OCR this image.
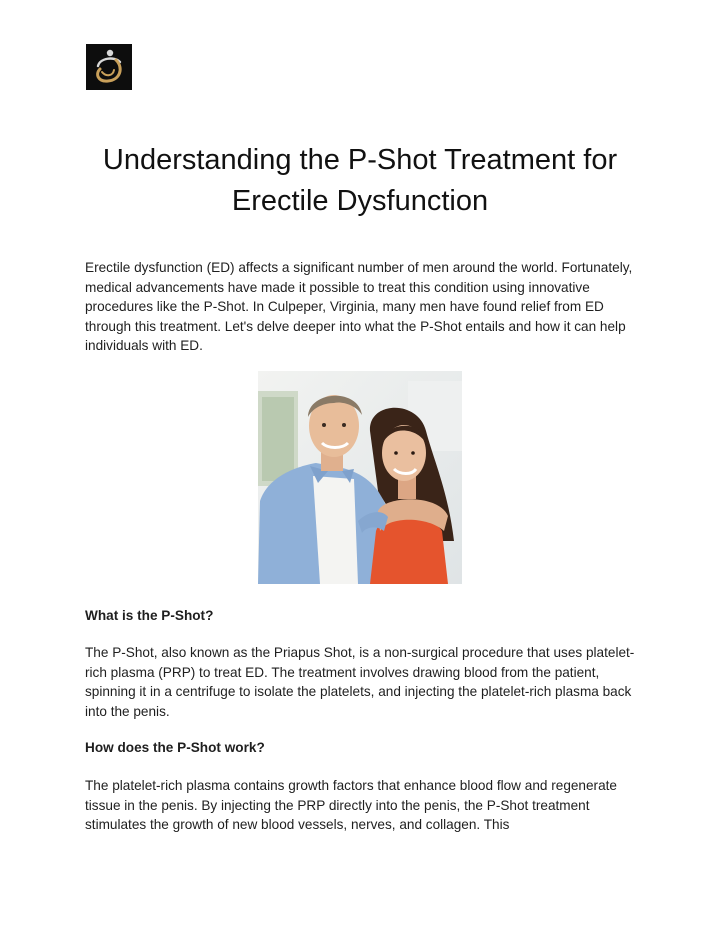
Understanding the P-Shot Treatment for Erectile Dysfunction

Erectile dysfunction (ED) affects a significant number of men around the world. Fortunately, medical advancements have made it possible to treat this condition using innovative procedures like the P-Shot. In Culpeper, Virginia, many men have found relief from ED through this treatment. Let's delve deeper into what the P-Shot entails and how it can help individuals with ED.

What is the P-Shot?

The P-Shot, also known as the Priapus Shot, is a non-surgical procedure that uses platelet-rich plasma (PRP) to treat ED. The treatment involves drawing blood from the patient, spinning it in a centrifuge to isolate the platelets, and injecting the platelet-rich plasma back into the penis.

How does the P-Shot work?

The platelet-rich plasma contains growth factors that enhance blood flow and regenerate tissue in the penis. By injecting the PRP directly into the penis, the P-Shot treatment stimulates the growth of new blood vessels, nerves, and collagen. This
